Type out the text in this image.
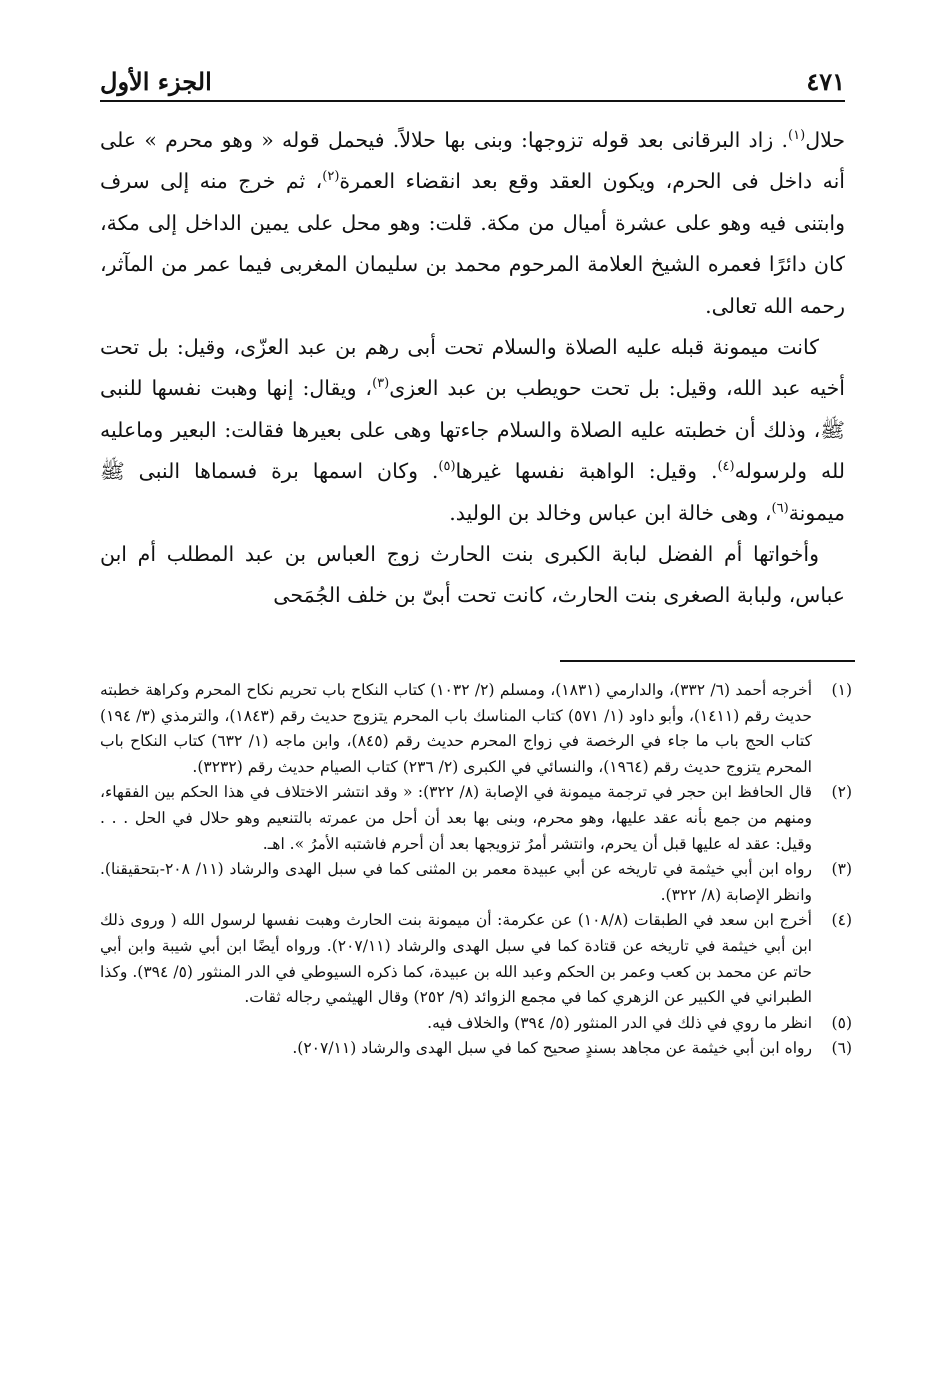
الجزء الأول	٤٧١

حلال$^{(١)}$. زاد البرقانى بعد قوله تزوجها: وبنى بها حلالاً. فيحمل قوله « وهو محرم » على أنه داخل فى الحرم، ويكون العقد وقع بعد انقضاء العمرة$^{(٢)}$، ثم خرج منه إلى سرف وابتنى فيه وهو على عشرة أميال من مكة. قلت: وهو محل على يمين الداخل إلى مكة، كان دائرًا فعمره الشيخ العلامة المرحوم محمد بن سليمان المغربى فيما عمر من المآثر، رحمه الله تعالى.

كانت ميمونة قبله عليه الصلاة والسلام تحت أبى رهم بن عبد العزّى، وقيل: بل تحت أخيه عبد الله، وقيل: بل تحت حويطب بن عبد العزى$^{(٣)}$، ويقال: إنها وهبت نفسها للنبى ﷺ، وذلك أن خطبته عليه الصلاة والسلام جاءتها وهى على بعيرها فقالت: البعير وماعليه لله ولرسوله$^{(٤)}$. وقيل: الواهبة نفسها غيرها$^{(٥)}$. وكان اسمها برة فسماها النبى ﷺ ميمونة$^{(٦)}$، وهى خالة ابن عباس وخالد بن الوليد.

وأخواتها أم الفضل لبابة الكبرى بنت الحارث زوج العباس بن عبد المطلب أم ابن عباس، ولبابة الصغرى بنت الحارث، كانت تحت أبىّ بن خلف الجُمَحى

(١)
أخرجه أحمد (٦/ ٣٣٢)، والدارمي (١٨٣١)، ومسلم (٢/ ١٠٣٢) كتاب النكاح باب تحريم نكاح المحرم وكراهة خطبته حديث رقم (١٤١١)، وأبو داود (١/ ٥٧١) كتاب المناسك باب المحرم يتزوج حديث رقم (١٨٤٣)، والترمذي (٣/ ١٩٤) كتاب الحج باب ما جاء في الرخصة في زواج المحرم حديث رقم (٨٤٥)، وابن ماجه (١/ ٦٣٢) كتاب النكاح باب المحرم يتزوج حديث رقم (١٩٦٤)، والنسائي في الكبرى (٢/ ٢٣٦) كتاب الصيام حديث رقم (٣٢٣٢).
(٢)
قال الحافظ ابن حجر في ترجمة ميمونة في الإصابة (٨/ ٣٢٢): « وقد انتشر الاختلاف في هذا الحكم بين الفقهاء، ومنهم من جمع بأنه عقد عليها، وهو محرم، وبنى بها بعد أن أحل من عمرته بالتنعيم وهو حلال في الحل . . . وقيل: عقد له عليها قبل أن يحرم، وانتشر أمرُ تزويجها بعد أن أحرم فاشتبه الأمرُ ». اهـ.
(٣)
رواه ابن أبي خيثمة في تاريخه عن أبي عبيدة معمر بن المثنى كما في سبل الهدى والرشاد (١١/ ٢٠٨-بتحقيقنا). وانظر الإصابة (٨/ ٣٢٢).
(٤)
أخرج ابن سعد في الطبقات (١٠٨/٨) عن عكرمة: أن ميمونة بنت الحارث وهبت نفسها لرسول الله ( وروى ذلك ابن أبي خيثمة في تاريخه عن قتادة كما في سبل الهدى والرشاد (٢٠٧/١١). ورواه أيضًا ابن أبي شيبة وابن أبي حاتم عن محمد بن كعب وعمر بن الحكم وعبد الله بن عبيدة، كما ذكره السيوطي في الدر المنثور (٥/ ٣٩٤). وكذا الطبراني في الكبير عن الزهري كما في مجمع الزوائد (٩/ ٢٥٢) وقال الهيثمي رجاله ثقات.
(٥)
انظر ما روي في ذلك في الدر المنثور (٥/ ٣٩٤) والخلاف فيه.
(٦)
رواه ابن أبي خيثمة عن مجاهد بسندٍ صحيح كما في سبل الهدى والرشاد (٢٠٧/١١).
